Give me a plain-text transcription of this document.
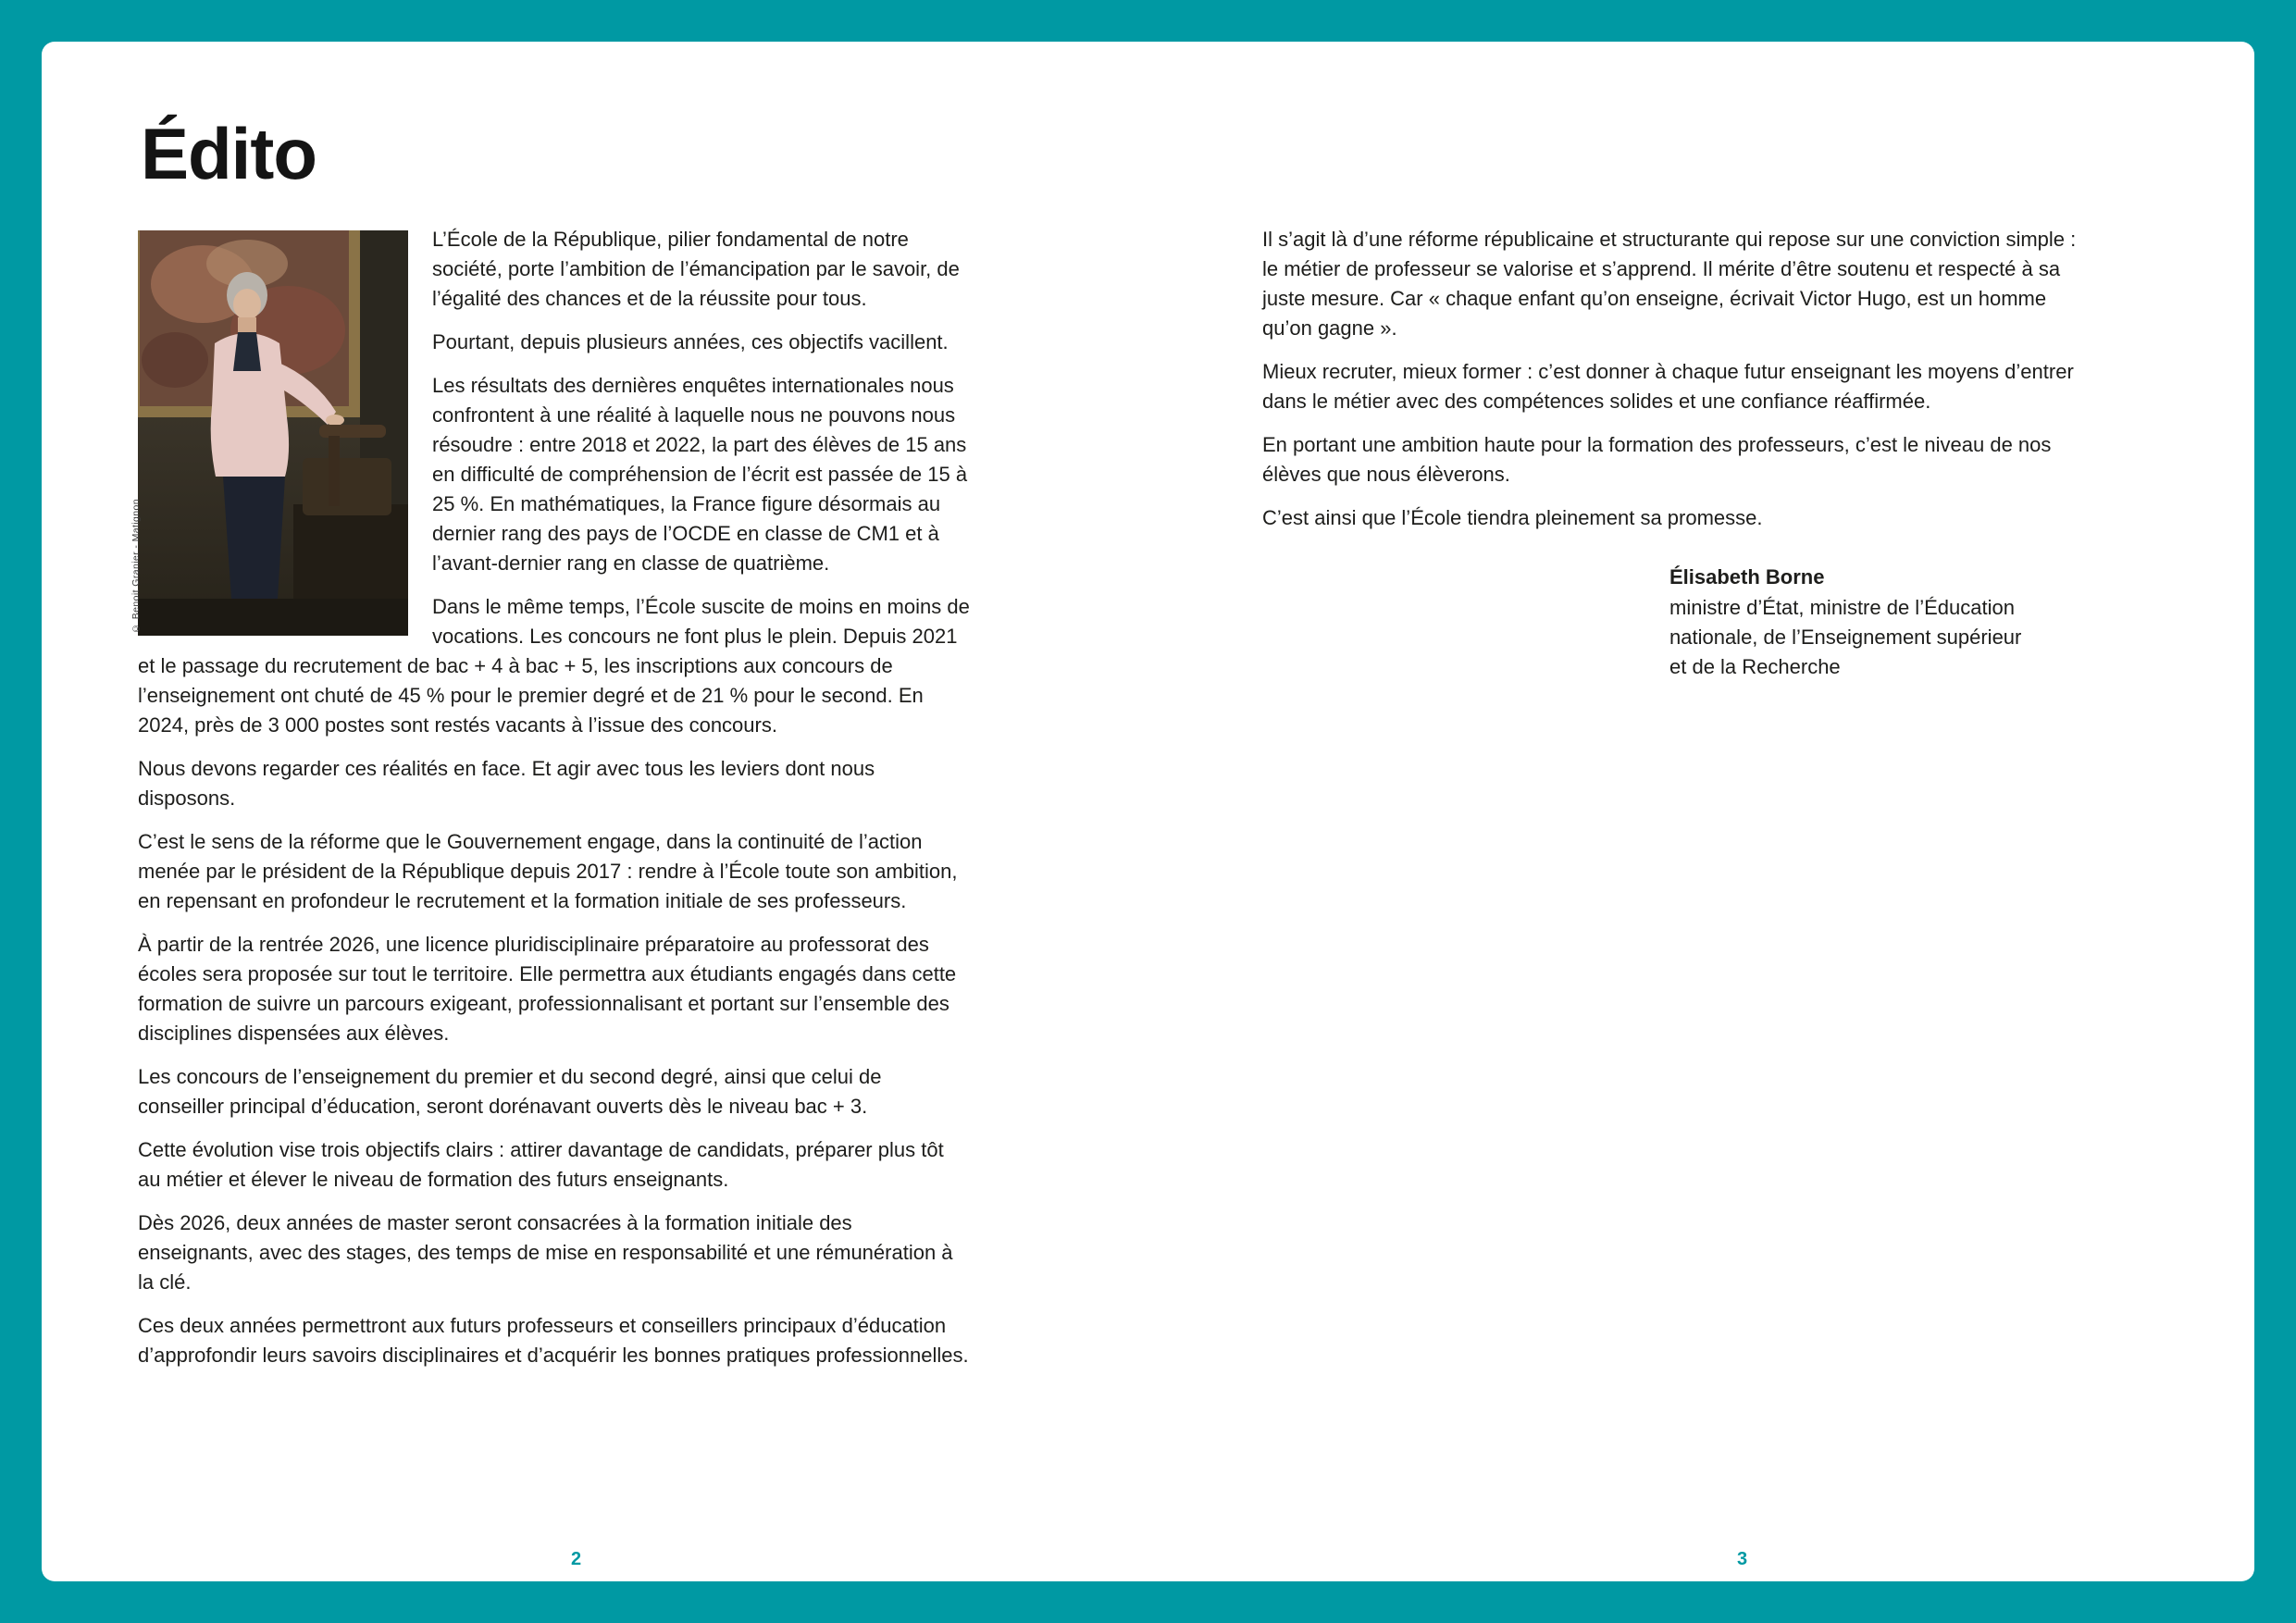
Édito
© Benoit Granier - Matignon

L’École de la République, pilier fondamental de notre société, porte l’ambition de l’émancipation par le savoir, de l’égalité des chances et de la réussite pour tous.

Pourtant, depuis plusieurs années, ces objectifs vacillent.

Les résultats des dernières enquêtes internationales nous confrontent à une réalité à laquelle nous ne pouvons nous résoudre : entre 2018 et 2022, la part des élèves de 15 ans en difficulté de compréhension de l’écrit est passée de 15 à 25 %. En mathématiques, la France figure désormais au dernier rang des pays de l’OCDE en classe de CM1 et à l’avant-dernier rang en classe de quatrième.

Dans le même temps, l’École suscite de moins en moins de vocations. Les concours ne font plus le plein. Depuis 2021 et le passage du recrutement de bac + 4 à bac + 5, les inscriptions aux concours de l’enseignement ont chuté de 45 % pour le premier degré et de 21 % pour le second. En 2024, près de 3 000 postes sont restés vacants à l’issue des concours.

Nous devons regarder ces réalités en face. Et agir avec tous les leviers dont nous disposons.

C’est le sens de la réforme que le Gouvernement engage, dans la continuité de l’action menée par le président de la République depuis 2017 : rendre à l’École toute son ambition, en repensant en profondeur le recrutement et la formation initiale de ses professeurs.

À partir de la rentrée 2026, une licence pluridisciplinaire préparatoire au professorat des écoles sera proposée sur tout le territoire. Elle permettra aux étudiants engagés dans cette formation de suivre un parcours exigeant, professionnalisant et portant sur l’ensemble des disciplines dispensées aux élèves.

Les concours de l’enseignement du premier et du second degré, ainsi que celui de conseiller principal d’éducation, seront dorénavant ouverts dès le niveau bac + 3.

Cette évolution vise trois objectifs clairs : attirer davantage de candidats, préparer plus tôt au métier et élever le niveau de formation des futurs enseignants.

Dès 2026, deux années de master seront consacrées à la formation initiale des enseignants, avec des stages, des temps de mise en responsabilité et une rémunération à la clé.

Ces deux années permettront aux futurs professeurs et conseillers principaux d’éducation d’approfondir leurs savoirs disciplinaires et d’acquérir les bonnes pratiques professionnelles.

Il s’agit là d’une réforme républicaine et structurante qui repose sur une conviction simple : le métier de professeur se valorise et s’apprend. Il mérite d’être soutenu et respecté à sa juste mesure. Car « chaque enfant qu’on enseigne, écrivait Victor Hugo, est un homme qu’on gagne ».

Mieux recruter, mieux former : c’est donner à chaque futur enseignant les moyens d’entrer dans le métier avec des compétences solides et une confiance réaffirmée.

En portant une ambition haute pour la formation des professeurs, c’est le niveau de nos élèves que nous élèverons.

C’est ainsi que l’École tiendra pleinement sa promesse.

Élisabeth Borne
ministre d’État, ministre de l’Éducation
nationale, de l’Enseignement supérieur
et de la Recherche
2	3
